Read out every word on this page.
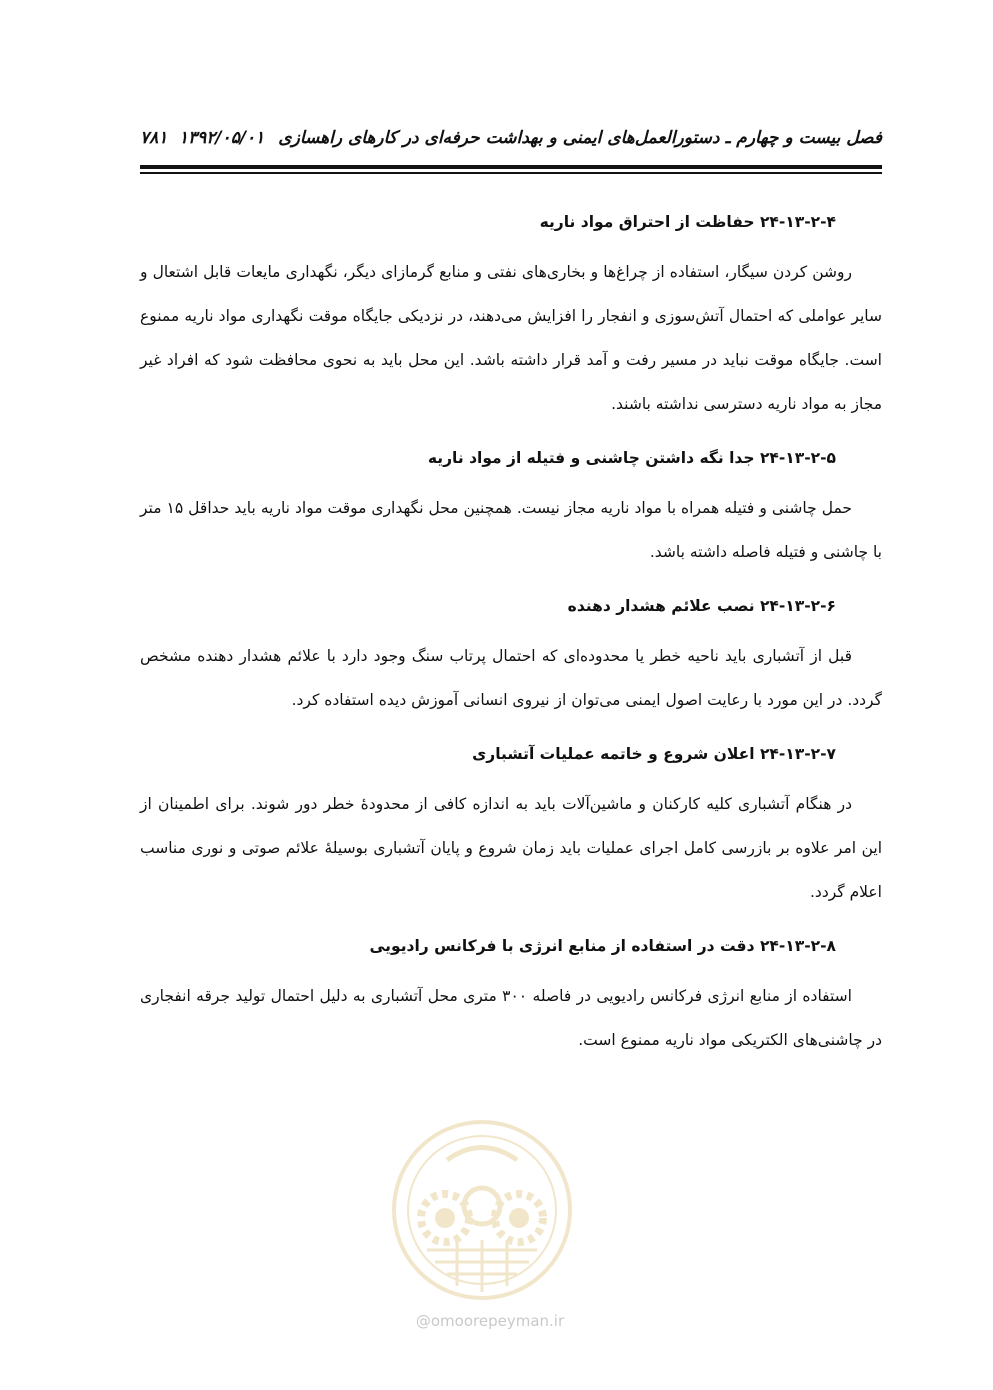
فصل بیست و چهارم ـ دستورالعمل‌های ایمنی و بهداشت حرفه‌ای در کارهای راهسازی۱۳۹۲/۰۵/۰۱
۷۸۱

۲۴-۱۳-۲-۴ حفاظت از احتراق مواد ناریه

روشن کردن سیگار، استفاده از چراغ‌ها و بخاری‌های نفتی و منابع گرمازای دیگر، نگهداری مایعات قابل اشتعال و سایر عواملی که احتمال آتش‌سوزی و انفجار را افزایش می‌دهند، در نزدیکی جایگاه موقت نگهداری مواد ناریه ممنوع است. جایگاه موقت نباید در مسیر رفت و آمد قرار داشته باشد. این محل باید به نحوی محافظت شود که افراد غیر مجاز به مواد ناریه دسترسی نداشته باشند.

۲۴-۱۳-۲-۵ جدا نگه داشتن چاشنی و فتیله از مواد ناریه

حمل چاشنی و فتیله همراه با مواد ناریه مجاز نیست. همچنین محل نگهداری موقت مواد ناریه باید حداقل ۱۵ متر با چاشنی و فتیله فاصله داشته باشد.

۲۴-۱۳-۲-۶ نصب علائم هشدار دهنده

قبل از آتشباری باید ناحیه خطر یا محدوده‌ای که احتمال پرتاب سنگ وجود دارد با علائم هشدار دهنده مشخص گردد. در این مورد با رعایت اصول ایمنی می‌توان از نیروی انسانی آموزش دیده استفاده کرد.

۲۴-۱۳-۲-۷ اعلان شروع و خاتمه عملیات آتشباری

در هنگام آتشباری کلیه کارکنان و ماشین‌آلات باید به اندازه کافی از محدودهٔ خطر دور شوند. برای اطمینان از این امر علاوه بر بازرسی کامل اجرای عملیات باید زمان شروع و پایان آتشباری بوسیلهٔ علائم صوتی و نوری مناسب اعلام گردد.

۲۴-۱۳-۲-۸ دقت در استفاده از منابع انرژی با فرکانس رادیویی

استفاده از منابع انرژی فرکانس رادیویی در فاصله ۳۰۰ متری محل آتشباری به دلیل احتمال تولید جرقه انفجاری در چاشنی‌های الکتریکی مواد ناریه ممنوع است.

@omoorepeyman.ir
